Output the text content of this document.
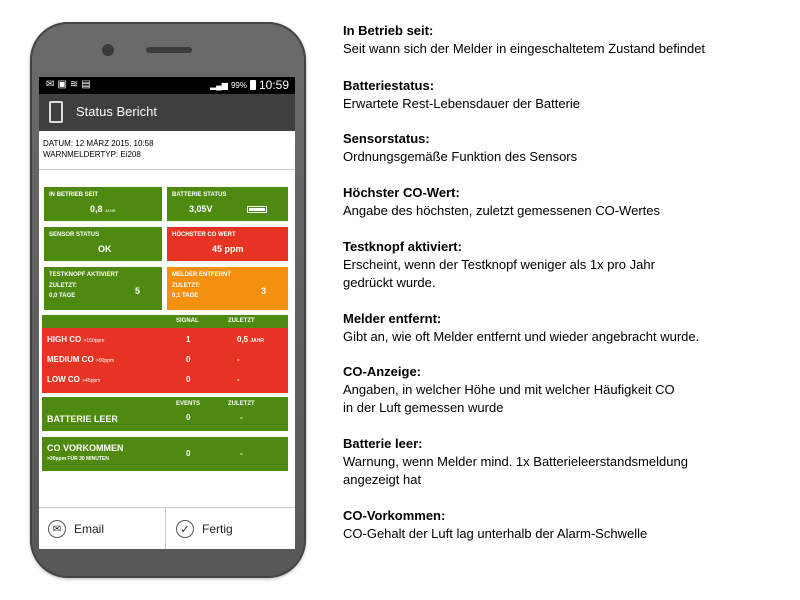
✉▣≋▤	▂▄▆ 99% 10:59
Status Bericht
DATUM: 12 MÄRZ 2015, 10:58
WARNMELDERTYP: Ei208
IN BETRIEB SEIT
0,8 JAHR
BATTERIE STATUS
3,05V
SENSOR STATUS
OK
HÖCHSTER CO WERT
45 ppm
TESTKNOPF AKTIVIERT
ZULETZT:
0,0 TAGE	5
MELDER ENTFERNT
ZULETZT:
0,1 TAGE	3
SIGNAL	ZULETZT
HIGH CO >150ppm	1	0,5 JAHR
MEDIUM CO >90ppm	0	-
LOW CO >45ppm	0	-
EVENTS	ZULETZT
BATTERIE LEER	0	-
CO VORKOMMEN
>30ppm FÜR 30 MINUTEN
0	-
✉	Email	✓	Fertig
In Betrieb seit:
Seit wann sich der Melder in eingeschaltetem Zustand befindet
Batteriestatus:
Erwartete Rest-Lebensdauer der Batterie
Sensorstatus:
Ordnungsgemäße Funktion des Sensors
Höchster CO-Wert:
Angabe des höchsten, zuletzt gemessenen CO-Wertes
Testknopf aktiviert:
Erscheint, wenn der Testknopf weniger als 1x pro Jahr
gedrückt wurde.
Melder entfernt:
Gibt an, wie oft Melder entfernt und wieder angebracht wurde.
CO-Anzeige:
Angaben, in welcher Höhe und mit welcher Häufigkeit CO
in der Luft gemessen wurde
Batterie leer:
Warnung, wenn Melder mind. 1x Batterieleerstandsmeldung
angezeigt hat
CO-Vorkommen:
CO-Gehalt der Luft lag unterhalb der Alarm-Schwelle
